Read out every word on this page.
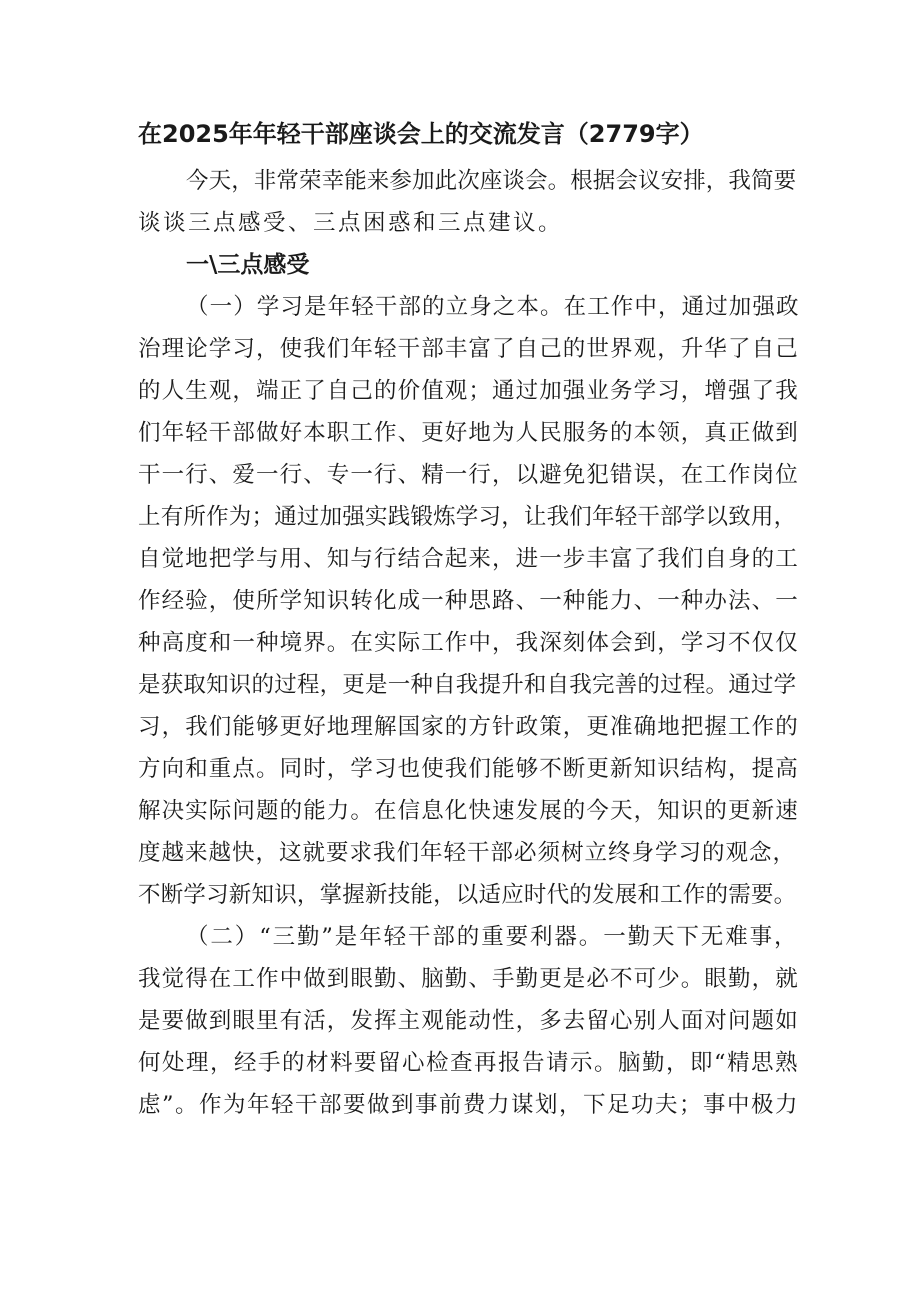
在2025年年轻干部座谈会上的交流发言（2779字）

今天，非常荣幸能来参加此次座谈会。根据会议安排，我简要

谈谈三点感受、三点困惑和三点建议。

一\三点感受

（一）学习是年轻干部的立身之本。在工作中，通过加强政

治理论学习，使我们年轻干部丰富了自己的世界观，升华了自己

的人生观，端正了自己的价值观；通过加强业务学习，增强了我

们年轻干部做好本职工作、更好地为人民服务的本领，真正做到

干一行、爱一行、专一行、精一行，以避免犯错误，在工作岗位

上有所作为；通过加强实践锻炼学习，让我们年轻干部学以致用，

自觉地把学与用、知与行结合起来，进一步丰富了我们自身的工

作经验，使所学知识转化成一种思路、一种能力、一种办法、一

种高度和一种境界。在实际工作中，我深刻体会到，学习不仅仅

是获取知识的过程，更是一种自我提升和自我完善的过程。通过学

习，我们能够更好地理解国家的方针政策，更准确地把握工作的

方向和重点。同时，学习也使我们能够不断更新知识结构，提高

解决实际问题的能力。在信息化快速发展的今天，知识的更新速

度越来越快，这就要求我们年轻干部必须树立终身学习的观念，

不断学习新知识，掌握新技能，以适应时代的发展和工作的需要。

（二）“三勤”是年轻干部的重要利器。一勤天下无难事，

我觉得在工作中做到眼勤、脑勤、手勤更是必不可少。眼勤，就

是要做到眼里有活，发挥主观能动性，多去留心别人面对问题如

何处理，经手的材料要留心检查再报告请示。脑勤，即“精思熟

虑”。作为年轻干部要做到事前费力谋划，下足功夫；事中极力
